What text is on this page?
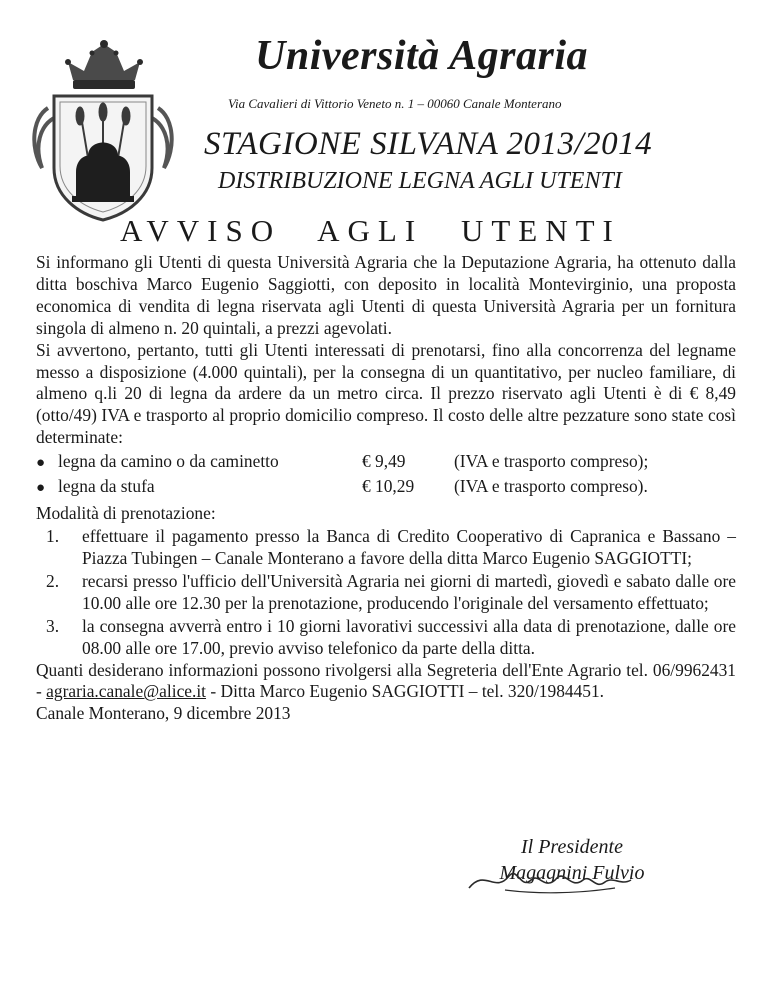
Università Agraria
Via Cavalieri di Vittorio Veneto n. 1 – 00060 Canale Monterano
STAGIONE SILVANA 2013/2014
DISTRIBUZIONE LEGNA AGLI UTENTI
AVVISO AGLI UTENTI

Si informano gli Utenti di questa Università Agraria che la Deputazione Agraria, ha ottenuto dalla ditta boschiva Marco Eugenio Saggiotti, con deposito in località Montevirginio, una proposta economica di vendita di legna riservata agli Utenti di questa Università Agraria per un fornitura singola di almeno n. 20 quintali, a prezzi agevolati.

Si avvertono, pertanto, tutti gli Utenti interessati di prenotarsi, fino alla concorrenza del legname messo a disposizione (4.000 quintali), per la consegna di un quantitativo, per nucleo familiare, di almeno q.li 20 di legna da ardere da un metro circa. Il prezzo riservato agli Utenti è di € 8,49 (otto/49) IVA e trasporto al proprio domicilio compreso. Il costo delle altre pezzature sono state così determinate:

● legna da camino o da caminetto	€ 9,49	(IVA e trasporto compreso);
● legna da stufa	€ 10,29	(IVA e trasporto compreso).

Modalità di prenotazione:

1.	effettuare il pagamento presso la Banca di Credito Cooperativo di Capranica e Bassano – Piazza Tubingen – Canale Monterano a favore della ditta Marco Eugenio SAGGIOTTI;
2.	recarsi presso l'ufficio dell'Università Agraria nei giorni di martedì, giovedì e sabato dalle ore 10.00 alle ore 12.30 per la prenotazione, producendo l'originale del versamento effettuato;
3.	la consegna avverrà entro i 10 giorni lavorativi successivi alla data di prenotazione, dalle ore 08.00 alle ore 17.00, previo avviso telefonico da parte della ditta.

Quanti desiderano informazioni possono rivolgersi alla Segreteria dell'Ente Agrario tel. 06/9962431 - agraria.canale@alice.it - Ditta Marco Eugenio SAGGIOTTI – tel. 320/1984451.

Canale Monterano, 9 dicembre 2013

Il Presidente
Magagnini Fulvio
